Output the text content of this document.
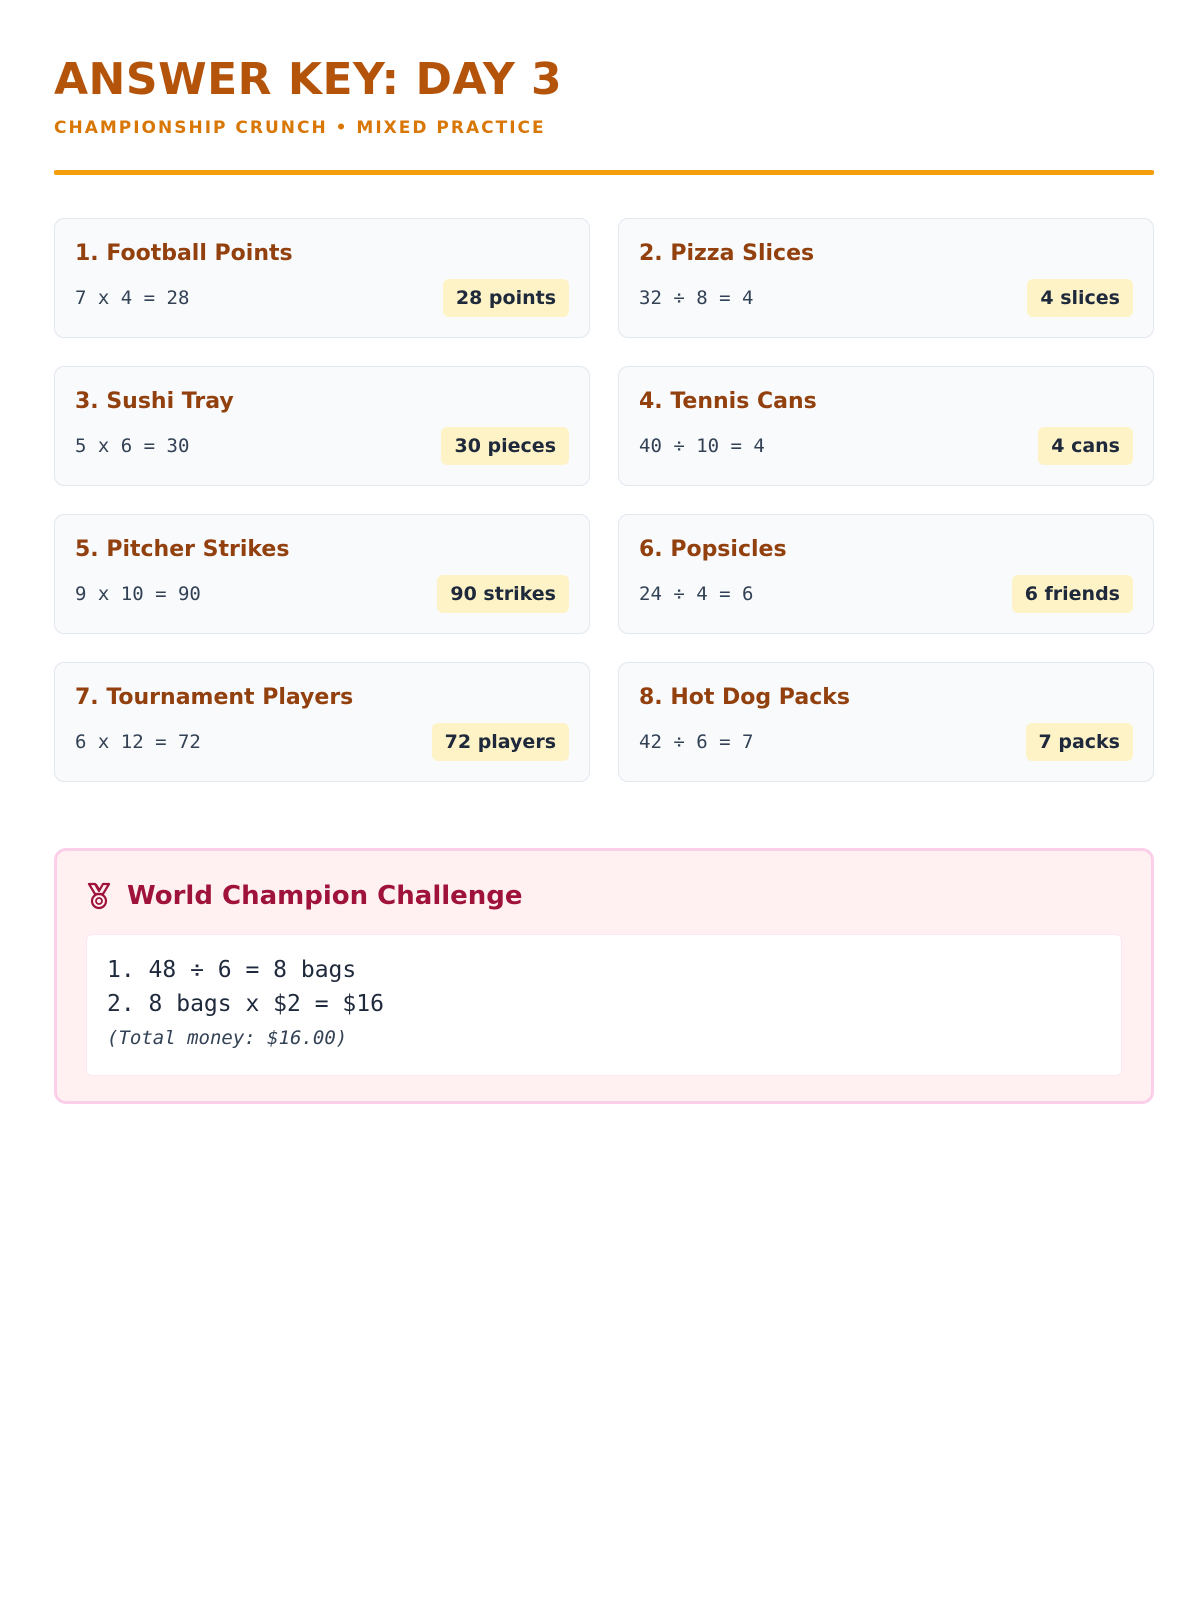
ANSWER KEY: DAY 3
CHAMPIONSHIP CRUNCH • MIXED PRACTICE
1. Football Points
7 x 4 = 28	28 points
2. Pizza Slices
32 ÷ 8 = 4	4 slices
3. Sushi Tray
5 x 6 = 30	30 pieces
4. Tennis Cans
40 ÷ 10 = 4	4 cans
5. Pitcher Strikes
9 x 10 = 90	90 strikes
6. Popsicles
24 ÷ 4 = 6	6 friends
7. Tournament Players
6 x 12 = 72	72 players
8. Hot Dog Packs
42 ÷ 6 = 7	7 packs
World Champion Challenge
1. 48 ÷ 6 = 8 bags
2. 8 bags x $2 = $16
(Total money: $16.00)
